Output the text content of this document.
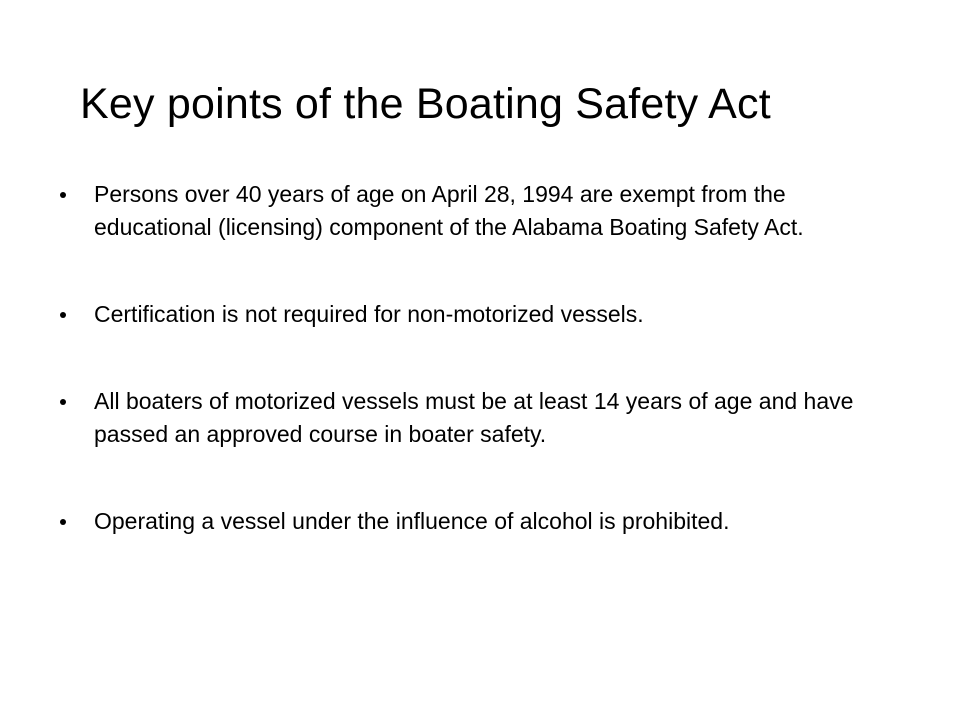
Key points of the Boating Safety Act
Persons over 40 years of age on April 28, 1994 are exempt from the educational (licensing) component of the Alabama Boating Safety Act.
Certification is not required for non-motorized vessels.
All boaters of motorized vessels must be at least 14 years of age and have passed an approved course in boater safety.
Operating a vessel under the influence of alcohol is prohibited.
